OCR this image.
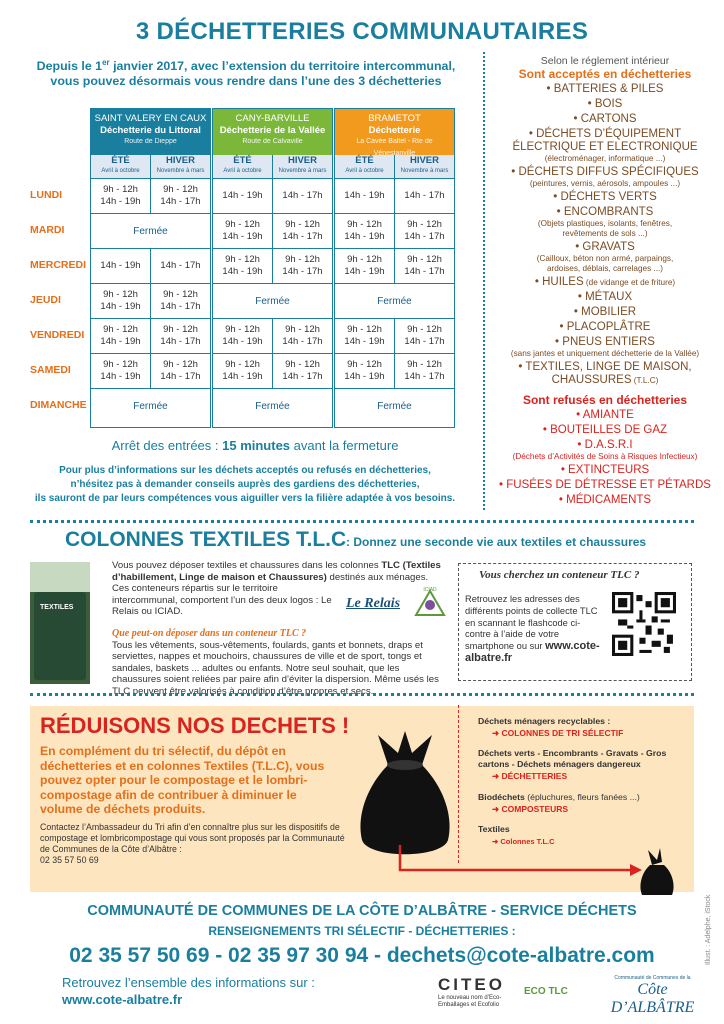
3 DÉCHETTERIES COMMUNAUTAIRES
Depuis le 1er janvier 2017, avec l’extension du territoire intercommunal,
vous pouvez désormais vous rendre dans l’une des 3 déchetteries
LUNDI
MARDI
MERCREDI
JEUDI
VENDREDI
SAMEDI
DIMANCHE
SAINT VALERY EN CAUX
Déchetterie du Littoral
Route de Dieppe
ÉTÉ
Avril à octobre
HIVER
Novembre à mars
9h - 12h
14h - 19h
9h - 12h
14h - 17h
Fermée
14h - 19h 14h - 17h
9h - 12h
14h - 19h
9h - 12h
14h - 17h
9h - 12h
14h - 19h
9h - 12h
14h - 17h
9h - 12h
14h - 19h
9h - 12h
14h - 17h
Fermée
CANY-BARVILLE
Déchetterie de la Vallée
Route de Calvaville
ÉTÉ
Avril à octobre
HIVER
Novembre à mars
14h - 19h 14h - 17h
9h - 12h
14h - 19h
9h - 12h
14h - 17h
9h - 12h
14h - 19h
9h - 12h
14h - 17h
Fermée
9h - 12h
14h - 19h
9h - 12h
14h - 17h
9h - 12h
14h - 19h
9h - 12h
14h - 17h
Fermée
BRAMETOT
Déchetterie
La Cavée Baltel - Rte de Vénestanville
ÉTÉ
Avril à octobre
HIVER
Novembre à mars
14h - 19h 14h - 17h
9h - 12h
14h - 19h
9h - 12h
14h - 17h
9h - 12h
14h - 19h
9h - 12h
14h - 17h
Fermée
9h - 12h
14h - 19h
9h - 12h
14h - 17h
9h - 12h
14h - 19h
9h - 12h
14h - 17h
Fermée
Arrêt des entrées : 15 minutes avant la fermeture
Pour plus d’informations sur les déchets acceptés ou refusés en déchetteries,
n’hésitez pas à demander conseils auprès des gardiens des déchetteries,
ils sauront de par leurs compétences vous aiguiller vers la filière adaptée à vos besoins.
Selon le réglement intérieur
Sont acceptés en déchetteries
• BATTERIES & PILES
• BOIS
• CARTONS
• DÉCHETS D’ÉQUIPEMENT
ÉLECTRIQUE ET ELECTRONIQUE
(électroménager, informatique ...)
• DÉCHETS DIFFUS SPÉCIFIQUES
(peintures, vernis, aérosols, ampoules ...)
• DÉCHETS VERTS
• ENCOMBRANTS
(Objets plastiques, isolants, fenêtres,
revêtements de sols ...)
• GRAVATS
(Cailloux, béton non armé, parpaings,
ardoises, déblais, carrelages ...)
• HUILES (de vidange et de friture)
• MÉTAUX
• MOBILIER
• PLACOPLÂTRE
• PNEUS ENTIERS
(sans jantes et uniquement déchetterie de la Vallée)
• TEXTILES, LINGE DE MAISON, CHAUSSURES (T.L.C)
Sont refusés en déchetteries
• AMIANTE
• BOUTEILLES DE GAZ
• D.A.S.R.I
(Déchets d’Activités de Soins à Risques Infectieux)
• EXTINCTEURS
• FUSÉES DE DÉTRESSE ET PÉTARDS
• MÉDICAMENTS
COLONNES TEXTILES T.L.C : Donnez une seconde vie aux textiles et chaussures
TEXTILES
Vous pouvez déposer textiles et chaussures dans les colonnes TLC (Textiles d’habillement, Linge de maison et Chaussures) destinés aux ménages.
Ces conteneurs répartis sur le territoire intercommunal, comportent l’un des deux logos : Le Relais ou ICIAD.
Que peut-on déposer dans un conteneur TLC ?
Tous les vêtements, sous-vêtements, foulards, gants et bonnets, draps et serviettes, nappes et mouchoirs, chaussures de ville et de sport, tongs et sandales, baskets ... adultes ou enfants. Notre seul souhait, que les chaussures soient reliées par paire afin d’éviter la dispersion. Même usés les TLC peuvent être valorisés à condition d’être propres et secs.
Le Relais
ICIAD
Vous cherchez un conteneur TLC ?
Retrouvez les adresses des différents points de collecte TLC en scannant le flashcode ci-contre à l’aide de votre smartphone ou sur www.cote-albatre.fr
RÉDUISONS NOS DECHETS !
En complément du tri sélectif, du dépôt en déchetteries et en colonnes Textiles (T.L.C), vous pouvez opter pour le compostage et le lombri-compostage afin de contribuer à diminuer le volume de déchets produits.
Contactez l’Ambassadeur du Tri afin d’en connaître plus sur les dispositifs de compostage et lombricompostage qui vous sont proposés par la Communauté de Communes de la Côte d’Albâtre :
02 35 57 50 69
Déchets ménagers recyclables :
➜ COLONNES DE TRI SÉLECTIF
Déchets verts - Encombrants - Gravats - Gros
cartons - Déchets ménagers dangereux
➜ DÉCHETTERIES
Biodéchets (épluchures, fleurs fanées ...)
➜ COMPOSTEURS
Textiles
➜ Colonnes T.L.C
COMMUNAUTÉ DE COMMUNES DE LA CÔTE D’ALBÂTRE - SERVICE DÉCHETS
RENSEIGNEMENTS TRI SÉLECTIF - DÉCHETTERIES :
02 35 57 50 69 - 02 35 97 30 94 - dechets@cote-albatre.com
Retrouvez l’ensemble des informations sur :
www.cote-albatre.fr
CITEO
Le nouveau nom d’Eco-Emballages et Ecofolio
ECO TLC
Communauté de Communes de la
Côte D’ALBÂTRE
Illust. : Adelphe, iStock
